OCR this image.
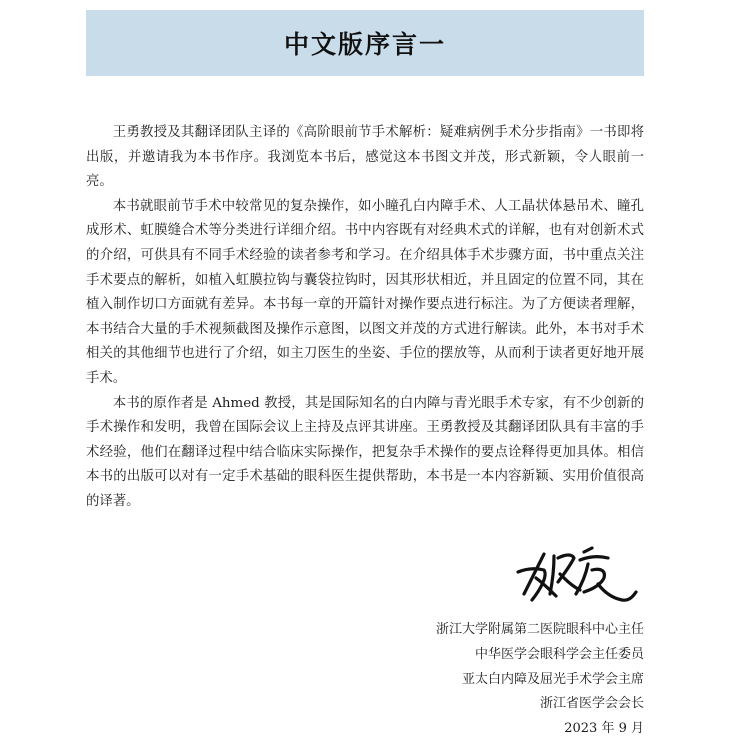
中文版序言一

王勇教授及其翻译团队主译的《高阶眼前节手术解析：疑难病例手术分步指南》一书即将出版，并邀请我为本书作序。我浏览本书后，感觉这本书图文并茂，形式新颖，令人眼前一亮。

本书就眼前节手术中较常见的复杂操作，如小瞳孔白内障手术、人工晶状体悬吊术、瞳孔成形术、虹膜缝合术等分类进行详细介绍。书中内容既有对经典术式的详解，也有对创新术式的介绍，可供具有不同手术经验的读者参考和学习。在介绍具体手术步骤方面，书中重点关注手术要点的解析，如植入虹膜拉钩与囊袋拉钩时，因其形状相近，并且固定的位置不同，其在植入制作切口方面就有差异。本书每一章的开篇针对操作要点进行标注。为了方便读者理解，本书结合大量的手术视频截图及操作示意图，以图文并茂的方式进行解读。此外，本书对手术相关的其他细节也进行了介绍，如主刀医生的坐姿、手位的摆放等，从而利于读者更好地开展手术。

本书的原作者是 Ahmed 教授，其是国际知名的白内障与青光眼手术专家，有不少创新的手术操作和发明，我曾在国际会议上主持及点评其讲座。王勇教授及其翻译团队具有丰富的手术经验，他们在翻译过程中结合临床实际操作，把复杂手术操作的要点诠释得更加具体。相信本书的出版可以对有一定手术基础的眼科医生提供帮助，本书是一本内容新颖、实用价值很高的译著。

浙江大学附属第二医院眼科中心主任
中华医学会眼科学会主任委员
亚太白内障及屈光手术学会主席
浙江省医学会会长
2023 年 9 月
